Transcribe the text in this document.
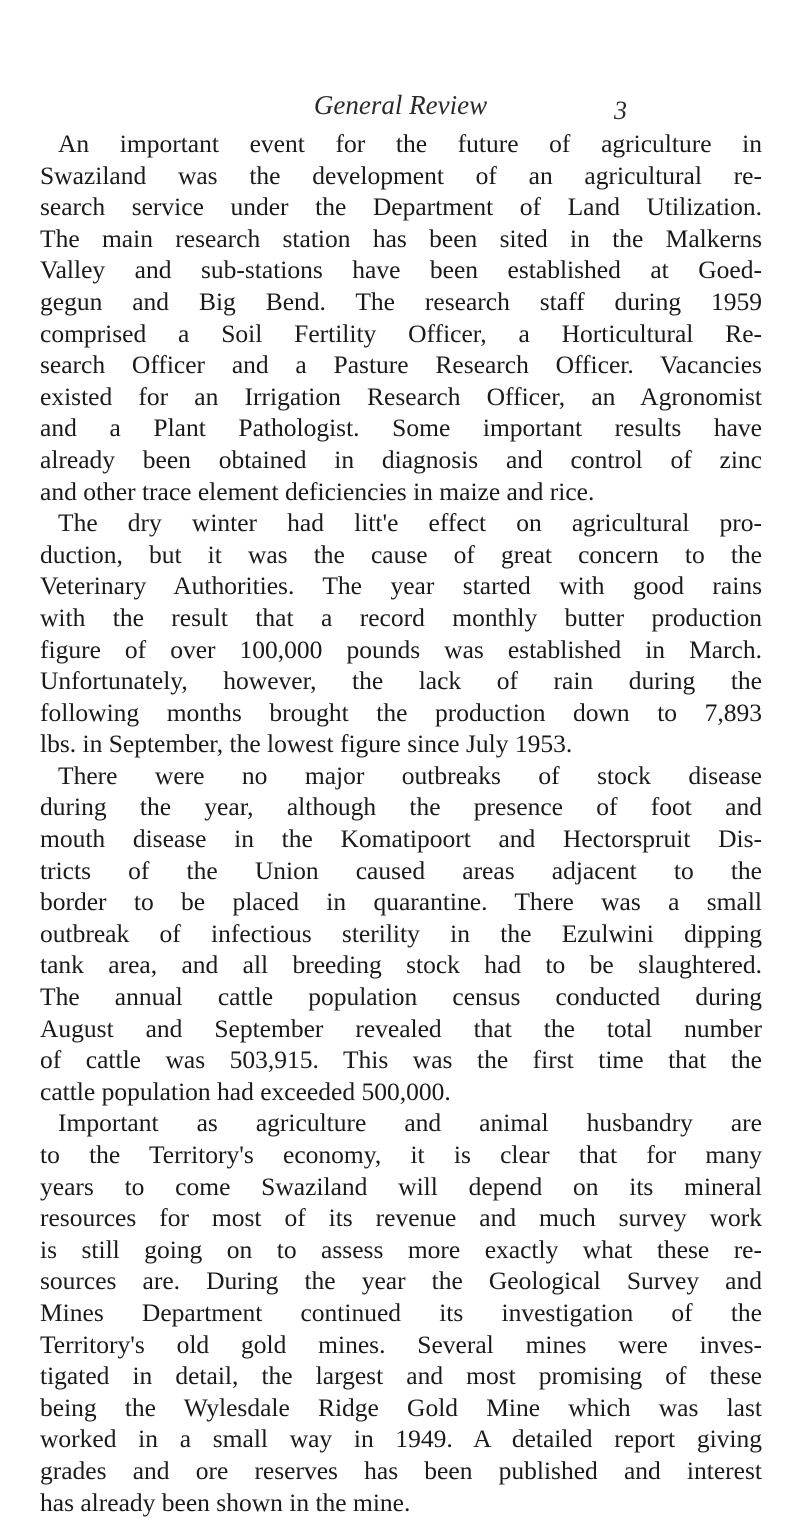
General Review	3
An important event for the future of agriculture in
Swaziland was the development of an agricultural re-
search service under the Department of Land Utilization.
The main research station has been sited in the Malkerns
Valley and sub-stations have been established at Goed-
gegun and Big Bend. The research staff during 1959
comprised a Soil Fertility Officer, a Horticultural Re-
search Officer and a Pasture Research Officer. Vacancies
existed for an Irrigation Research Officer, an Agronomist
and a Plant Pathologist. Some important results have
already been obtained in diagnosis and control of zinc
and other trace element deficiencies in maize and rice.
The dry winter had litt'e effect on agricultural pro-
duction, but it was the cause of great concern to the
Veterinary Authorities. The year started with good rains
with the result that a record monthly butter production
figure of over 100,000 pounds was established in March.
Unfortunately, however, the lack of rain during the
following months brought the production down to 7,893
lbs. in September, the lowest figure since July 1953.
There were no major outbreaks of stock disease
during the year, although the presence of foot and
mouth disease in the Komatipoort and Hectorspruit Dis-
tricts of the Union caused areas adjacent to the
border to be placed in quarantine. There was a small
outbreak of infectious sterility in the Ezulwini dipping
tank area, and all breeding stock had to be slaughtered.
The annual cattle population census conducted during
August and September revealed that the total number
of cattle was 503,915. This was the first time that the
cattle population had exceeded 500,000.
Important as agriculture and animal husbandry are
to the Territory's economy, it is clear that for many
years to come Swaziland will depend on its mineral
resources for most of its revenue and much survey work
is still going on to assess more exactly what these re-
sources are. During the year the Geological Survey and
Mines Department continued its investigation of the
Territory's old gold mines. Several mines were inves-
tigated in detail, the largest and most promising of these
being the Wylesdale Ridge Gold Mine which was last
worked in a small way in 1949. A detailed report giving
grades and ore reserves has been published and interest
has already been shown in the mine.
